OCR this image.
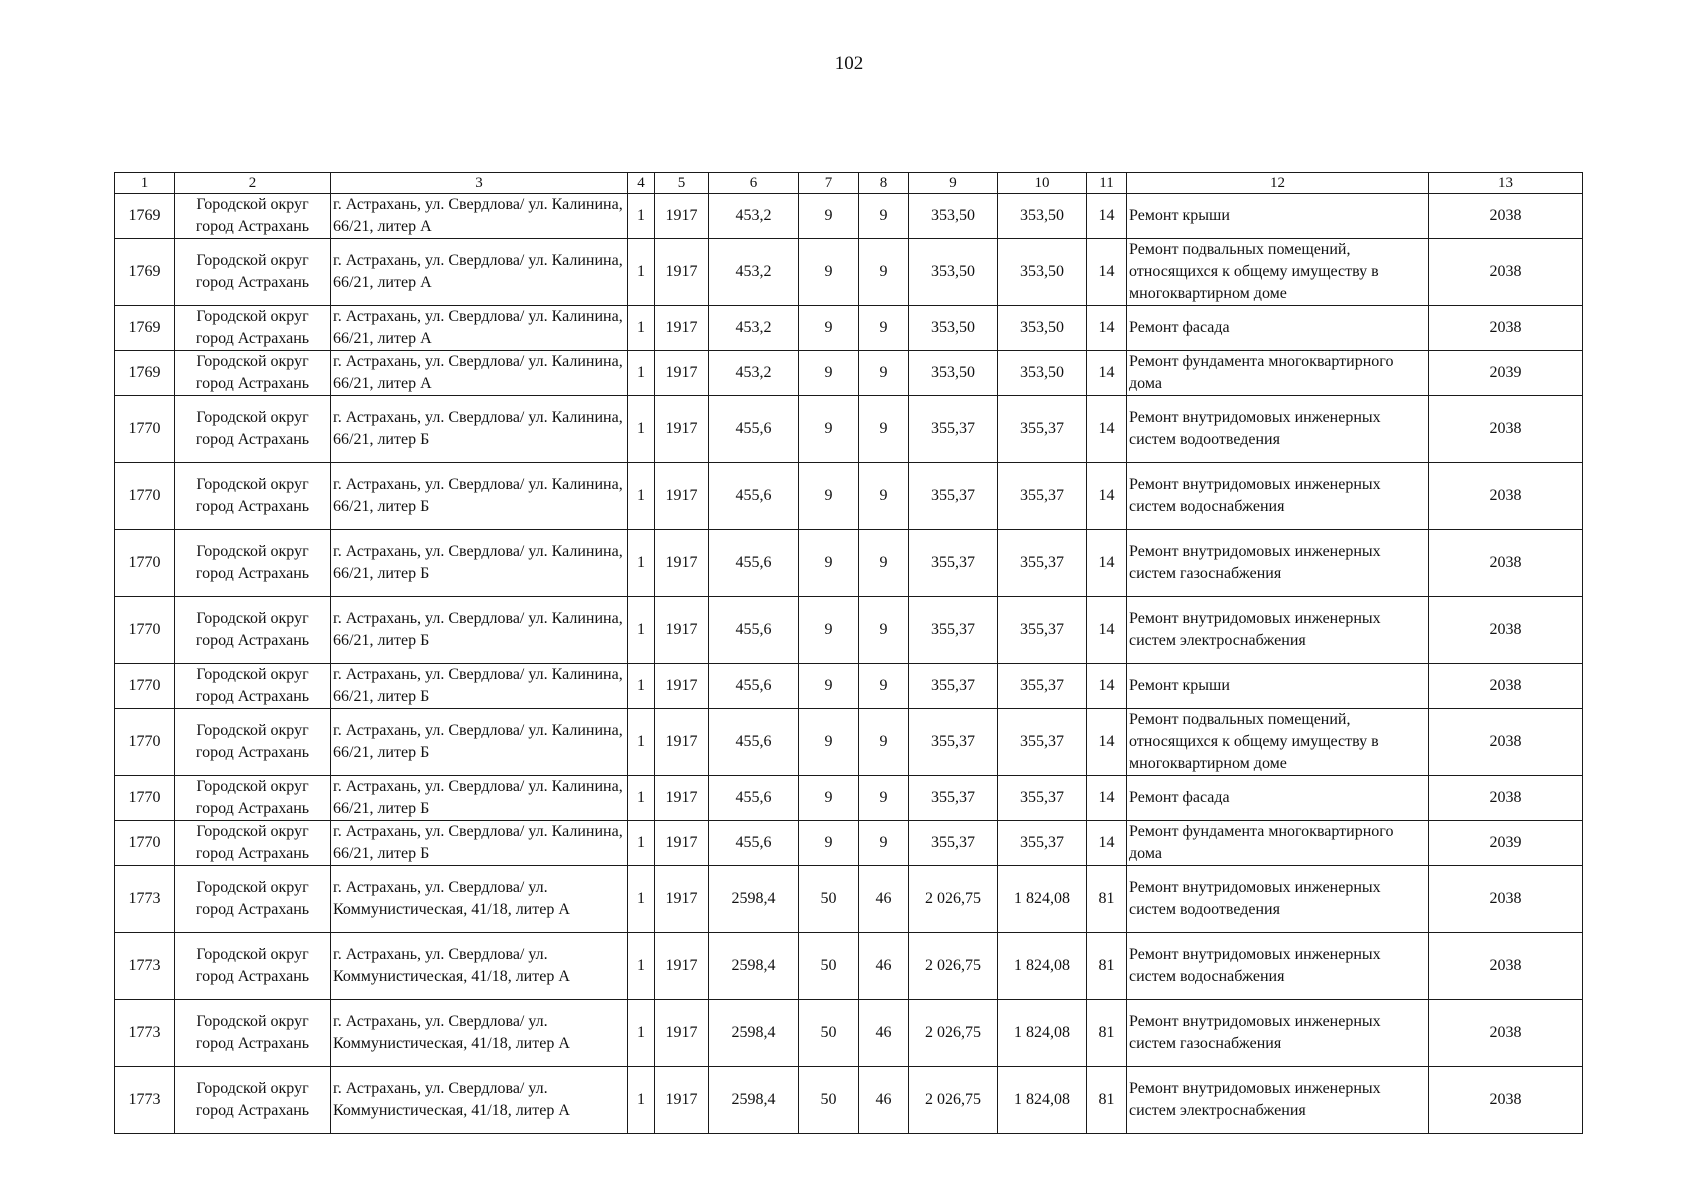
102
1	2	3	4	5	6	7	8	9	10	11	12	13
1769	Городской округ город Астрахань	г. Астрахань, ул. Свердлова/ ул. Калинина, 66/21, литер А	1	1917	453,2	9	9	353,50	353,50	14	Ремонт крыши	2038
1769	Городской округ город Астрахань	г. Астрахань, ул. Свердлова/ ул. Калинина, 66/21, литер А	1	1917	453,2	9	9	353,50	353,50	14	Ремонт подвальных помещений, относящихся к общему имуществу в многоквартирном доме	2038
1769	Городской округ город Астрахань	г. Астрахань, ул. Свердлова/ ул. Калинина, 66/21, литер А	1	1917	453,2	9	9	353,50	353,50	14	Ремонт фасада	2038
1769	Городской округ город Астрахань	г. Астрахань, ул. Свердлова/ ул. Калинина, 66/21, литер А	1	1917	453,2	9	9	353,50	353,50	14	Ремонт фундамента многоквартирного дома	2039
1770	Городской округ город Астрахань	г. Астрахань, ул. Свердлова/ ул. Калинина, 66/21, литер Б	1	1917	455,6	9	9	355,37	355,37	14	Ремонт внутридомовых инженерных систем водоотведения	2038
1770	Городской округ город Астрахань	г. Астрахань, ул. Свердлова/ ул. Калинина, 66/21, литер Б	1	1917	455,6	9	9	355,37	355,37	14	Ремонт внутридомовых инженерных систем водоснабжения	2038
1770	Городской округ город Астрахань	г. Астрахань, ул. Свердлова/ ул. Калинина, 66/21, литер Б	1	1917	455,6	9	9	355,37	355,37	14	Ремонт внутридомовых инженерных систем газоснабжения	2038
1770	Городской округ город Астрахань	г. Астрахань, ул. Свердлова/ ул. Калинина, 66/21, литер Б	1	1917	455,6	9	9	355,37	355,37	14	Ремонт внутридомовых инженерных систем электроснабжения	2038
1770	Городской округ город Астрахань	г. Астрахань, ул. Свердлова/ ул. Калинина, 66/21, литер Б	1	1917	455,6	9	9	355,37	355,37	14	Ремонт крыши	2038
1770	Городской округ город Астрахань	г. Астрахань, ул. Свердлова/ ул. Калинина, 66/21, литер Б	1	1917	455,6	9	9	355,37	355,37	14	Ремонт подвальных помещений, относящихся к общему имуществу в многоквартирном доме	2038
1770	Городской округ город Астрахань	г. Астрахань, ул. Свердлова/ ул. Калинина, 66/21, литер Б	1	1917	455,6	9	9	355,37	355,37	14	Ремонт фасада	2038
1770	Городской округ город Астрахань	г. Астрахань, ул. Свердлова/ ул. Калинина, 66/21, литер Б	1	1917	455,6	9	9	355,37	355,37	14	Ремонт фундамента многоквартирного дома	2039
1773	Городской округ город Астрахань	г. Астрахань, ул. Свердлова/ ул. Коммунистическая, 41/18, литер А	1	1917	2598,4	50	46	2 026,75	1 824,08	81	Ремонт внутридомовых инженерных систем водоотведения	2038
1773	Городской округ город Астрахань	г. Астрахань, ул. Свердлова/ ул. Коммунистическая, 41/18, литер А	1	1917	2598,4	50	46	2 026,75	1 824,08	81	Ремонт внутридомовых инженерных систем водоснабжения	2038
1773	Городской округ город Астрахань	г. Астрахань, ул. Свердлова/ ул. Коммунистическая, 41/18, литер А	1	1917	2598,4	50	46	2 026,75	1 824,08	81	Ремонт внутридомовых инженерных систем газоснабжения	2038
1773	Городской округ город Астрахань	г. Астрахань, ул. Свердлова/ ул. Коммунистическая, 41/18, литер А	1	1917	2598,4	50	46	2 026,75	1 824,08	81	Ремонт внутридомовых инженерных систем электроснабжения	2038
